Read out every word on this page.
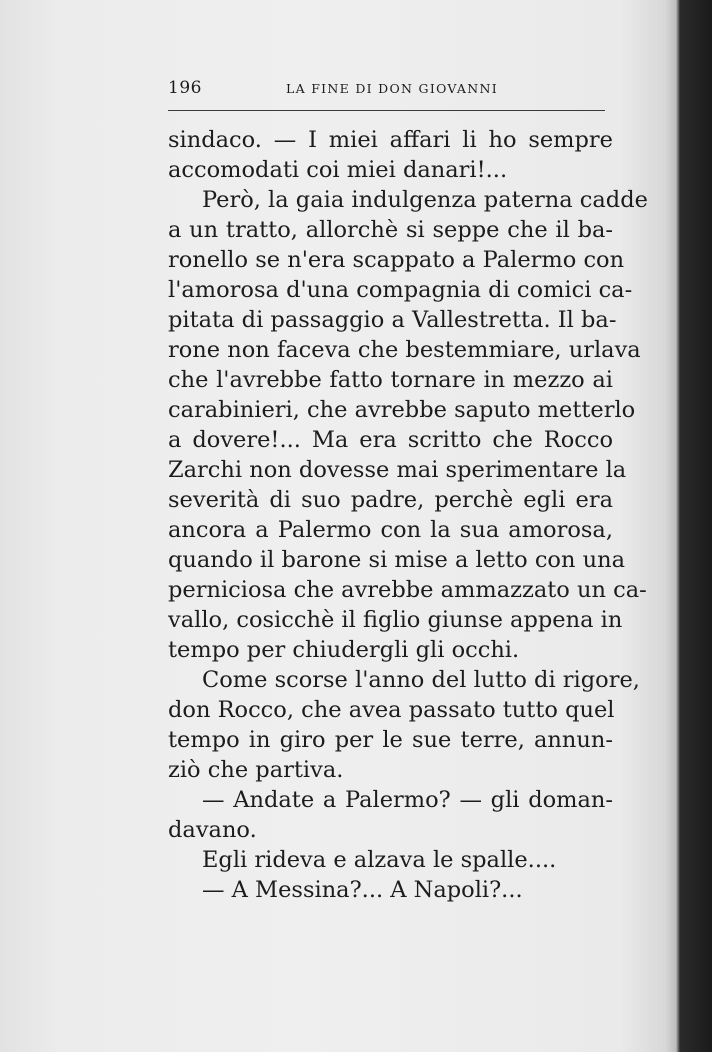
196	LA FINE DI DON GIOVANNI
sindaco. — I miei affari li ho sempre
accomodati coi miei danari!...
Però, la gaia indulgenza paterna cadde
a un tratto, allorchè si seppe che il ba-
ronello se n'era scappato a Palermo con
l'amorosa d'una compagnia di comici ca-
pitata di passaggio a Vallestretta. Il ba-
rone non faceva che bestemmiare, urlava
che l'avrebbe fatto tornare in mezzo ai
carabinieri, che avrebbe saputo metterlo
a dovere!... Ma era scritto che Rocco
Zarchi non dovesse mai sperimentare la
severità di suo padre, perchè egli era
ancora a Palermo con la sua amorosa,
quando il barone si mise a letto con una
perniciosa che avrebbe ammazzato un ca-
vallo, cosicchè il figlio giunse appena in
tempo per chiudergli gli occhi.
Come scorse l'anno del lutto di rigore,
don Rocco, che avea passato tutto quel
tempo in giro per le sue terre, annun-
ziò che partiva.
— Andate a Palermo? — gli doman-
davano.
Egli rideva e alzava le spalle....
— A Messina?... A Napoli?...
